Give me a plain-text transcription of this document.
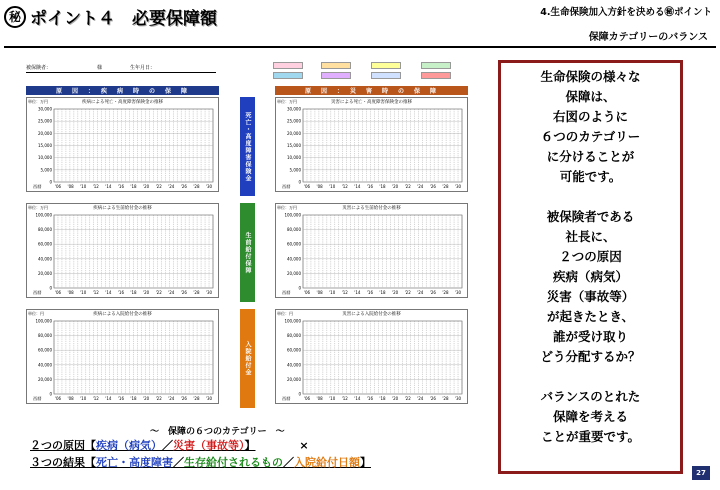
秘 ポイント４　必要保障額	4.生命保険加入方針を決める㊙ポイント
保障カテゴリーのバランス
被保険者：	様	生年月日：
原　因　：　疾　病　時　の　保　障	原　因　：　災　害　時　の　保　障
30,000
25,000
20,000
15,000
10,000
5,000
0
'06 '08 '10 '12 '14 '16 '18 '20 '22 '24 '26 '28 '30
西暦
単位：万円	疾病による死亡・高度障害保険金の推移
30,000
25,000
20,000
15,000
10,000
5,000
0
'06 '08 '10 '12 '14 '16 '18 '20 '22 '24 '26 '28 '30
西暦
単位：万円	災害による死亡・高度障害保険金の推移
100,000
80,000
60,000
40,000
20,000
0
'06 '08 '10 '12 '14 '16 '18 '20 '22 '24 '26 '28 '30
西暦
単位：万円	疾病による生前給付金の推移
100,000
80,000
60,000
40,000
20,000
0
'06 '08 '10 '12 '14 '16 '18 '20 '22 '24 '26 '28 '30
西暦
単位：万円	災害による生前給付金の推移
100,000
80,000
60,000
40,000
20,000
0
'06 '08 '10 '12 '14 '16 '18 '20 '22 '24 '26 '28 '30
西暦
単位：円	疾病による入院給付金の推移
100,000
80,000
60,000
40,000
20,000
0
'06 '08 '10 '12 '14 '16 '18 '20 '22 '24 '26 '28 '30
西暦
単位：円	災害による入院給付金の推移
死亡・高度障害保険金
生前給付保障
入院給付金
～　保障の６つのカテゴリー　～
２つの原因【疾病（病気）／災害（事故等）】	×
３つの結果【死亡・高度障害／生存給付されるもの／入院給付日額】
生命保険の様々な
保障は、
右図のように
６つのカテゴリー
に分けることが
可能です。
被保険者である
社長に、
２つの原因
疾病（病気）
災害（事故等）
が起きたとき、
誰が受け取り
どう分配するか？
バランスのとれた
保障を考える
ことが重要です。
27
